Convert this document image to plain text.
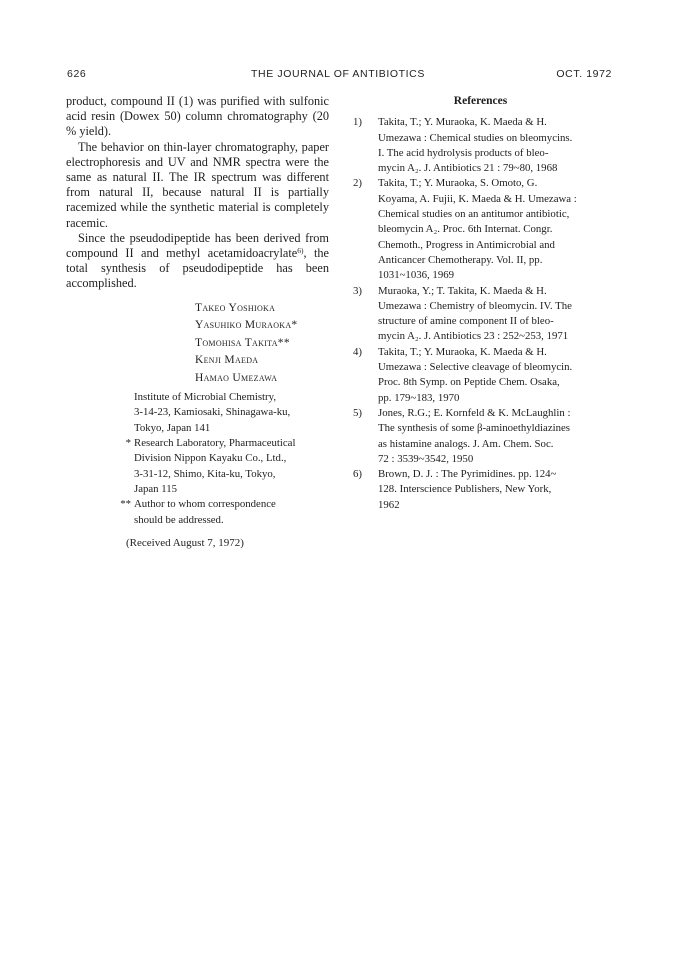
626	THE JOURNAL OF ANTIBIOTICS	OCT. 1972

product, compound II (1) was purified with sulfonic acid resin (Dowex 50) column chromatography (20 % yield).

The behavior on thin-layer chromatography, paper electrophoresis and UV and NMR spectra were the same as natural II. The IR spectrum was different from natural II, because natural II is partially racemized while the synthetic material is completely racemic.

Since the pseudodipeptide has been derived from compound II and methyl acetamidoacrylate$^{6)}$, the total synthesis of pseudodipeptide has been accomplished.

Takeo Yoshioka
Yasuhiko Muraoka*
Tomohisa Takita**
Kenji Maeda
Hamao Umezawa
Institute of Microbial Chemistry,
3-14-23, Kamiosaki, Shinagawa-ku,
Tokyo, Japan 141
* Research Laboratory, Pharmaceutical
Division Nippon Kayaku Co., Ltd.,
3-31-12, Shimo, Kita-ku, Tokyo,
Japan 115
** Author to whom correspondence
should be addressed.
(Received August 7, 1972)
References
1) Takita, T.; Y. Muraoka, K. Maeda & H.
Umezawa : Chemical studies on bleomycins.
I. The acid hydrolysis products of bleo-
mycin A₂. J. Antibiotics 21 : 79~80, 1968
2) Takita, T.; Y. Muraoka, S. Omoto, G.
Koyama, A. Fujii, K. Maeda & H. Umezawa :
Chemical studies on an antitumor antibiotic,
bleomycin A₂. Proc. 6th Internat. Congr.
Chemoth., Progress in Antimicrobial and
Anticancer Chemotherapy. Vol. II, pp.
1031~1036, 1969
3) Muraoka, Y.; T. Takita, K. Maeda & H.
Umezawa : Chemistry of bleomycin. IV. The
structure of amine component II of bleo-
mycin A₂. J. Antibiotics 23 : 252~253, 1971
4) Takita, T.; Y. Muraoka, K. Maeda & H.
Umezawa : Selective cleavage of bleomycin.
Proc. 8th Symp. on Peptide Chem. Osaka,
pp. 179~183, 1970
5) Jones, R.G.; E. Kornfeld & K. McLaughlin :
The synthesis of some β-aminoethyldiazines
as histamine analogs. J. Am. Chem. Soc.
72 : 3539~3542, 1950
6) Brown, D. J. : The Pyrimidines. pp. 124~
128. Interscience Publishers, New York,
1962
